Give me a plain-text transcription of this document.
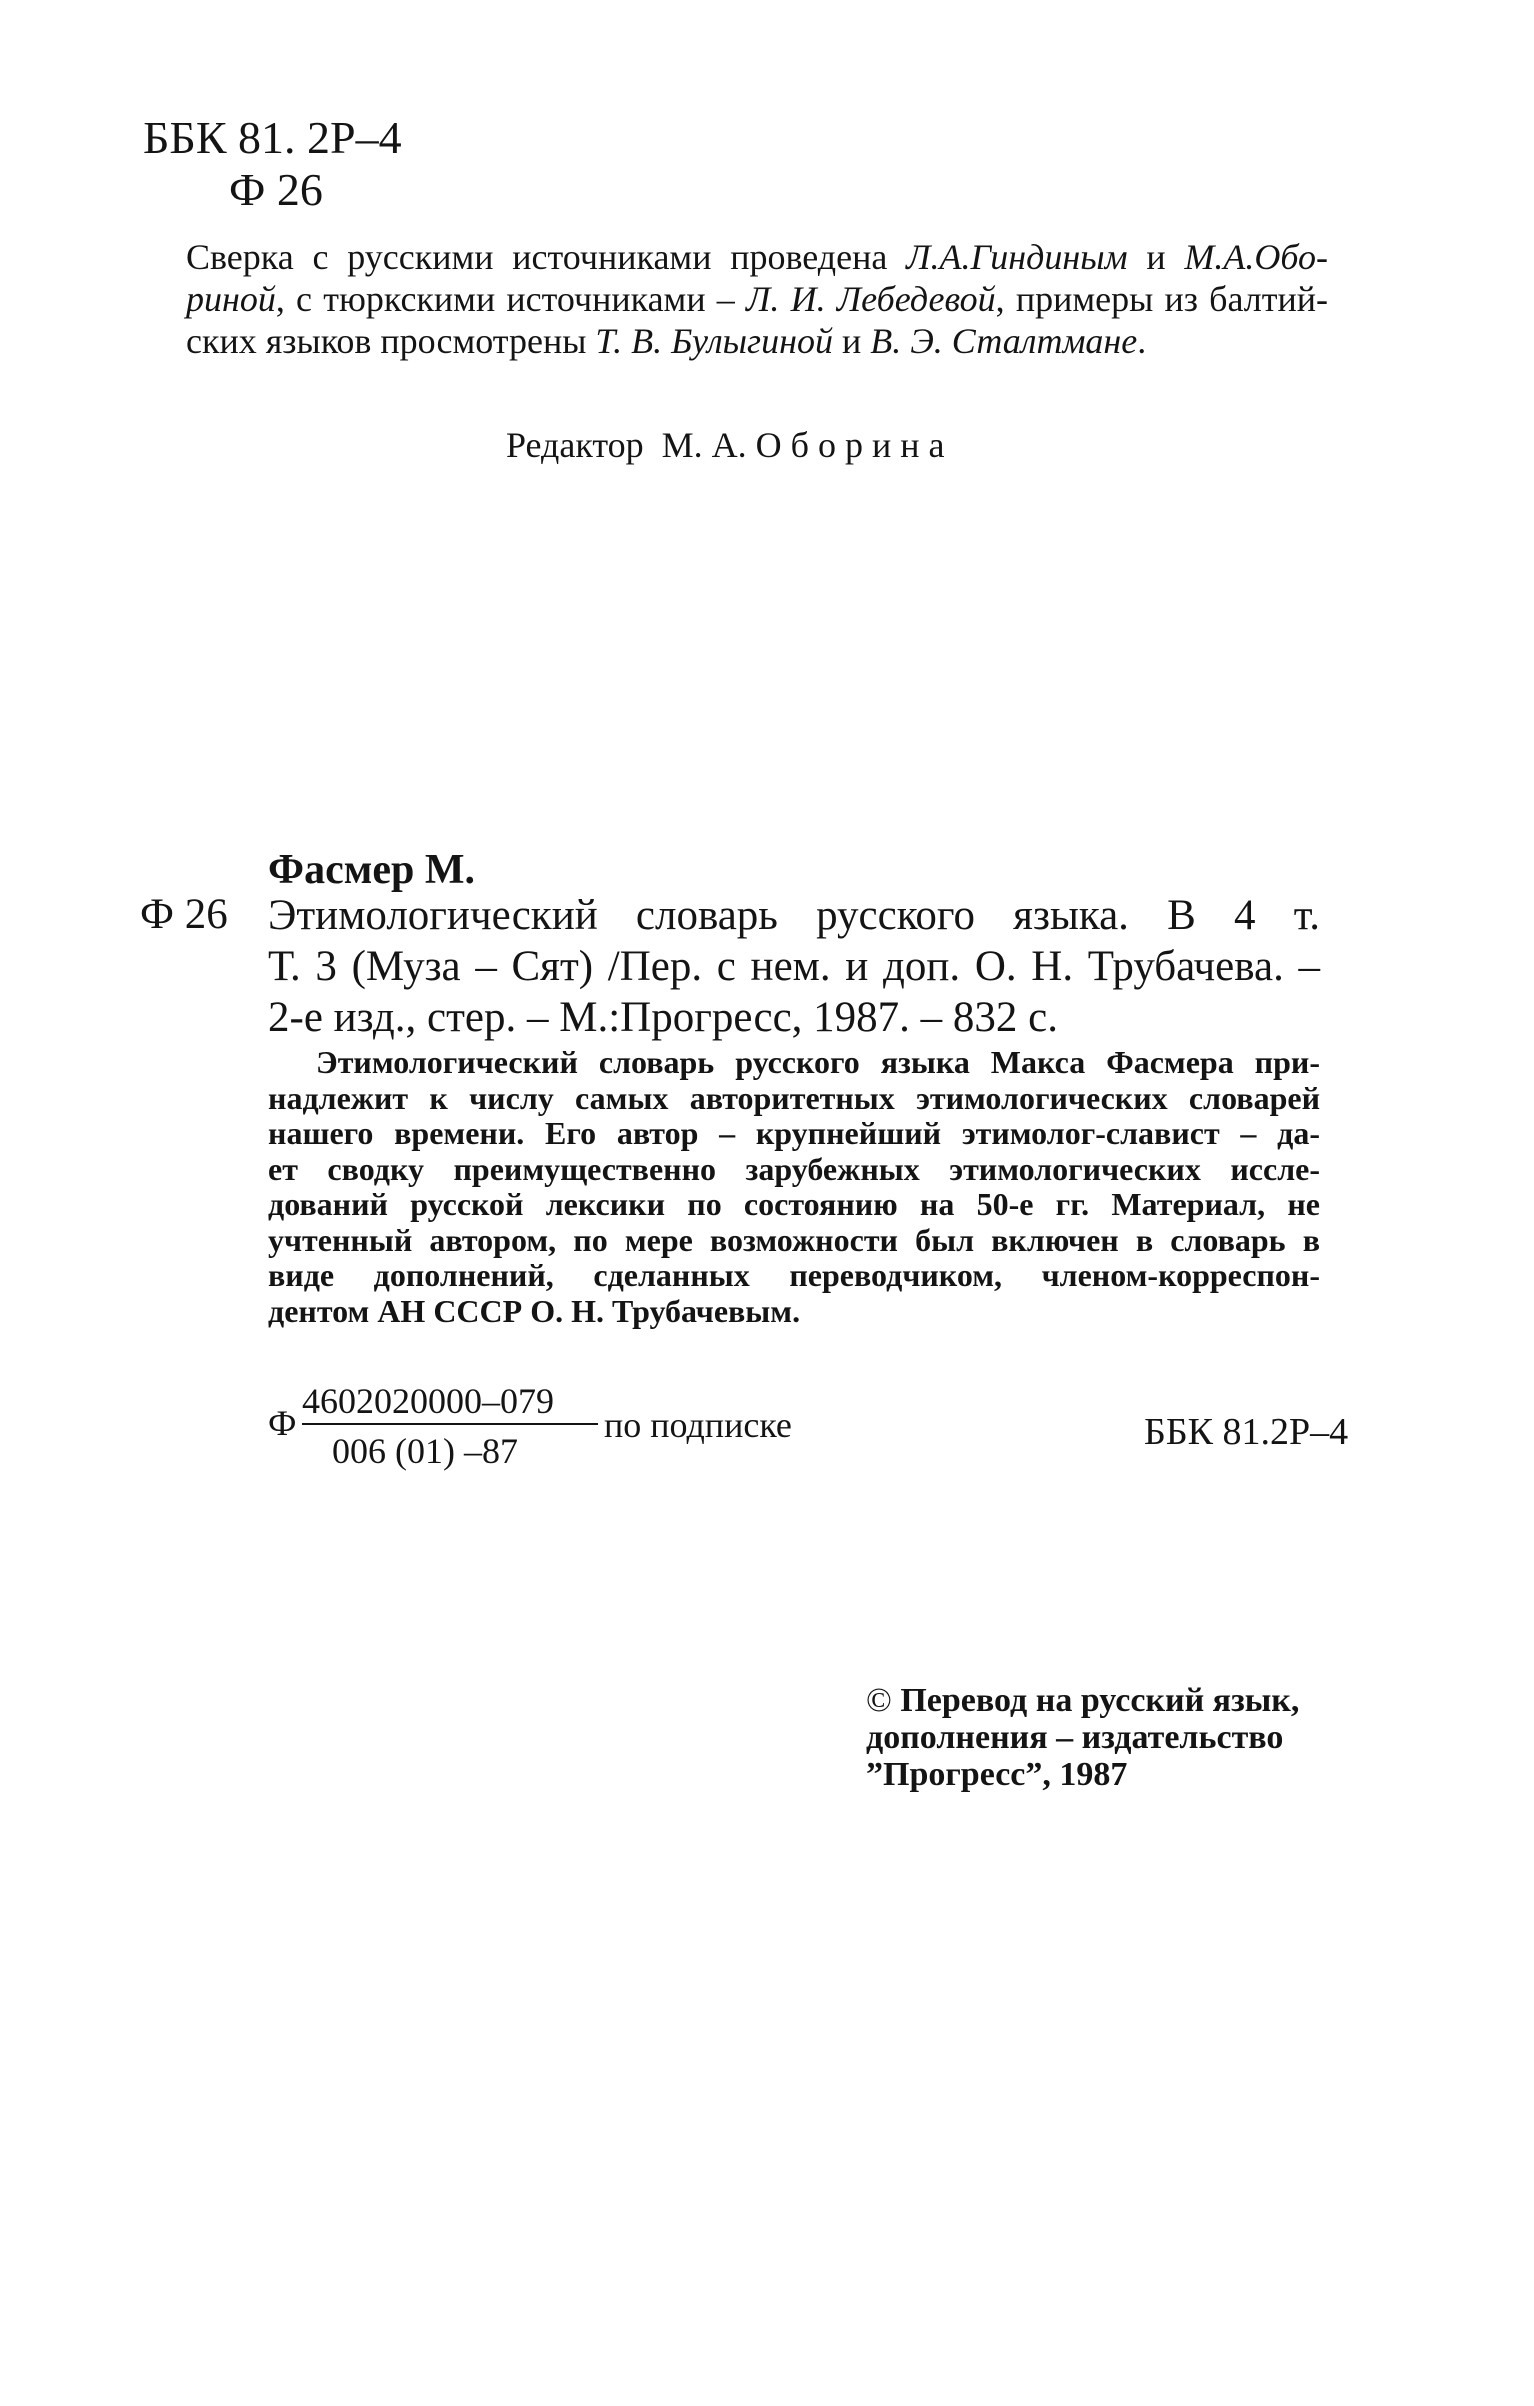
ББК 81. 2Р–4
Ф 26
Сверка с русскими источниками проведена Л.А.Гиндиным и М.А.Обо-
риной, с тюркскими источниками – Л. И. Лебедевой, примеры из балтий-
ских языков просмотрены Т. В. Булыгиной и В. Э. Сталтмане.
Редактор М. А. О б о р и н а
Фасмер М.
Ф 26 Этимологический словарь русского языка. В 4 т.
Т. 3 (Муза – Сят) /Пер. с нем. и доп. О. Н. Трубачева. –
2-е изд., стер. – М.:Прогресс, 1987. – 832 с.
Этимологический словарь русского языка Макса Фасмера при-
надлежит к числу самых авторитетных этимологических словарей
нашего времени. Его автор – крупнейший этимолог-славист – да-
ет сводку преимущественно зарубежных этимологических иссле-
дований русской лексики по состоянию на 50-е гг. Материал, не
учтенный автором, по мере возможности был включен в словарь в
виде дополнений, сделанных переводчиком, членом-корреспон-
дентом АН СССР О. Н. Трубачевым.
Ф
4602020000–079
006 (01) –87
по подписке	ББК 81.2Р–4
© Перевод на русский язык,
дополнения – издательство
”Прогресс”, 1987
